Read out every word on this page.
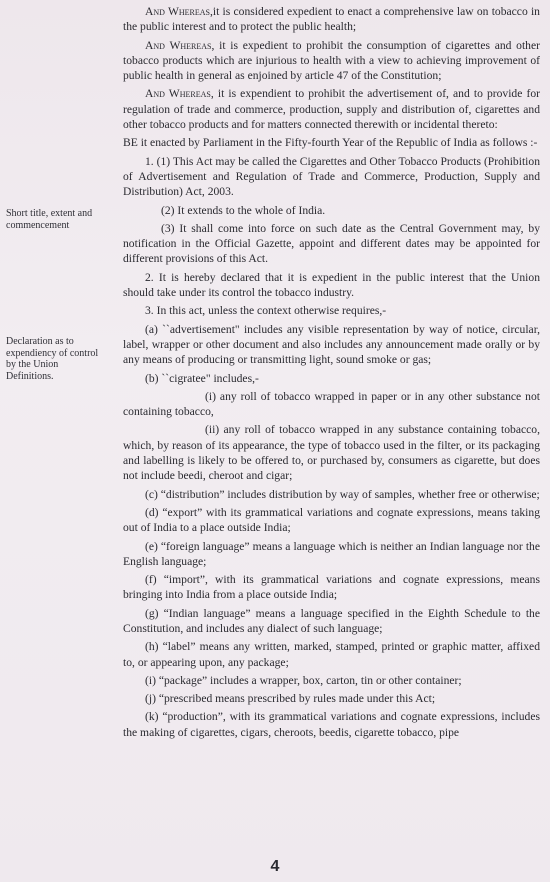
Short title, extent and commencement
Declaration as to expendiency of control by the Union Definitions.

And Whereas,it is considered expedient to enact a comprehensive law on tobacco in the public interest and to protect the public health;

And Whereas, it is expedient to prohibit the consumption of cigarettes and other tobacco products which are injurious to health with a view to achieving improvement of public health in general as enjoined by article 47 of the Constitution;

And Whereas, it is expendient to prohibit the advertisement of, and to provide for regulation of trade and commerce, production, supply and distribution of, cigarettes and other tobacco products and for matters connected therewith or incidental thereto:

BE it enacted by Parliament in the Fifty-fourth Year of the Republic of India as follows :-

1. (1) This Act may be called the Cigarettes and Other Tobacco Products (Prohibition of Advertisement and Regulation of Trade and Commerce, Production, Supply and Distribution) Act, 2003.

(2) It extends to the whole of India.

(3) It shall come into force on such date as the Central Government may, by notification in the Official Gazette, appoint and different dates may be appointed for different provisions of this Act.

2. It is hereby declared that it is expedient in the public interest that the Union should take under its control the tobacco industry.

3. In this act, unless the context otherwise requires,-

(a) ``advertisement" includes any visible representation by way of notice, circular, label, wrapper or other document and also includes any announcement made orally or by any means of producing or transmitting light, sound smoke or gas;

(b) ``cigratee" includes,-

(i) any roll of tobacco wrapped in paper or in any other substance not containing tobacco,

(ii) any roll of tobacco wrapped in any substance containing tobacco, which, by reason of its appearance, the type of tobacco used in the filter, or its packaging and labelling is likely to be offered to, or purchased by, consumers as cigarette, but does not include beedi, cheroot and cigar;

(c) “distribution” includes distribution by way of samples, whether free or otherwise;

(d) “export” with its grammatical variations and cognate expressions, means taking out of India to a place outside India;

(e) “foreign language” means a language which is neither an Indian language nor the English language;

(f) “import”, with its grammatical variations and cognate expressions, means bringing into India from a place outside India;

(g) “Indian language” means a language specified in the Eighth Schedule to the Constitution, and includes any dialect of such language;

(h) “label” means any written, marked, stamped, printed or graphic matter, affixed to, or appearing upon, any package;

(i) “package” includes a wrapper, box, carton, tin or other container;

(j) “prescribed means prescribed by rules made under this Act;

(k) “production”, with its grammatical variations and cognate expressions, includes the making of cigarettes, cigars, cheroots, beedis, cigarette tobacco, pipe

4
